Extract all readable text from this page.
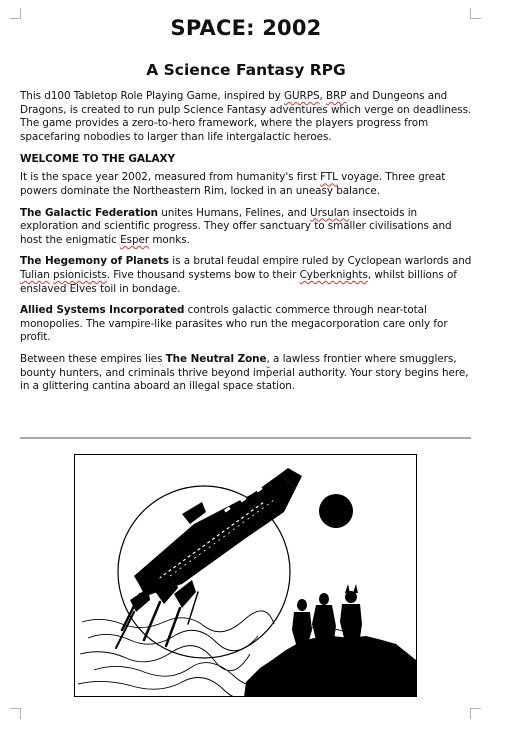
SPACE: 2002
A Science Fantasy RPG

This d100 Tabletop Role Playing Game, inspired by GURPS, BRP and Dungeons and Dragons, is created to run pulp Science Fantasy adventures which verge on deadliness. The game provides a zero-to-hero framework, where the players progress from spacefaring nobodies to larger than life intergalactic heroes.

WELCOME TO THE GALAXY

It is the space year 2002, measured from humanity's first FTL voyage. Three great powers dominate the Northeastern Rim, locked in an uneasy balance.

The Galactic Federation unites Humans, Felines, and Ursulan insectoids in exploration and scientific progress. They offer sanctuary to smaller civilisations and host the enigmatic Esper monks.

The Hegemony of Planets is a brutal feudal empire ruled by Cyclopean warlords and Tulian psionicists. Five thousand systems bow to their Cyberknights, whilst billions of enslaved Elves toil in bondage.

Allied Systems Incorporated controls galactic commerce through near-total monopolies. The vampire-like parasites who run the megacorporation care only for profit.

Between these empires lies The Neutral Zone, a lawless frontier where smugglers, bounty hunters, and criminals thrive beyond imperial authority. Your story begins here, in a glittering cantina aboard an illegal space station.
